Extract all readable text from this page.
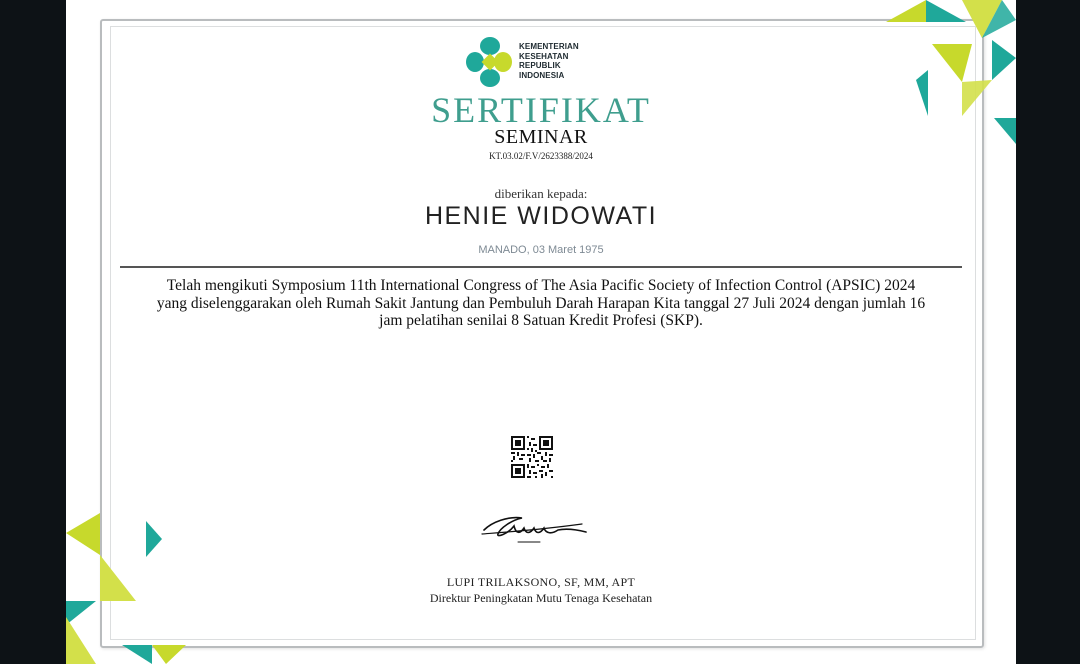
KEMENTERIAN
KESEHATAN
REPUBLIK
INDONESIA
SERTIFIKAT
SEMINAR
KT.03.02/F.V/2623388/2024
diberikan kepada:
HENIE WIDOWATI
MANADO, 03 Maret 1975
Telah mengikuti Symposium 11th International Congress of The Asia Pacific Society of Infection Control (APSIC) 2024 yang diselenggarakan oleh Rumah Sakit Jantung dan Pembuluh Darah Harapan Kita tanggal 27 Juli 2024 dengan jumlah 16 jam pelatihan senilai 8 Satuan Kredit Profesi (SKP).
LUPI TRILAKSONO, SF, MM, APT
Direktur Peningkatan Mutu Tenaga Kesehatan
